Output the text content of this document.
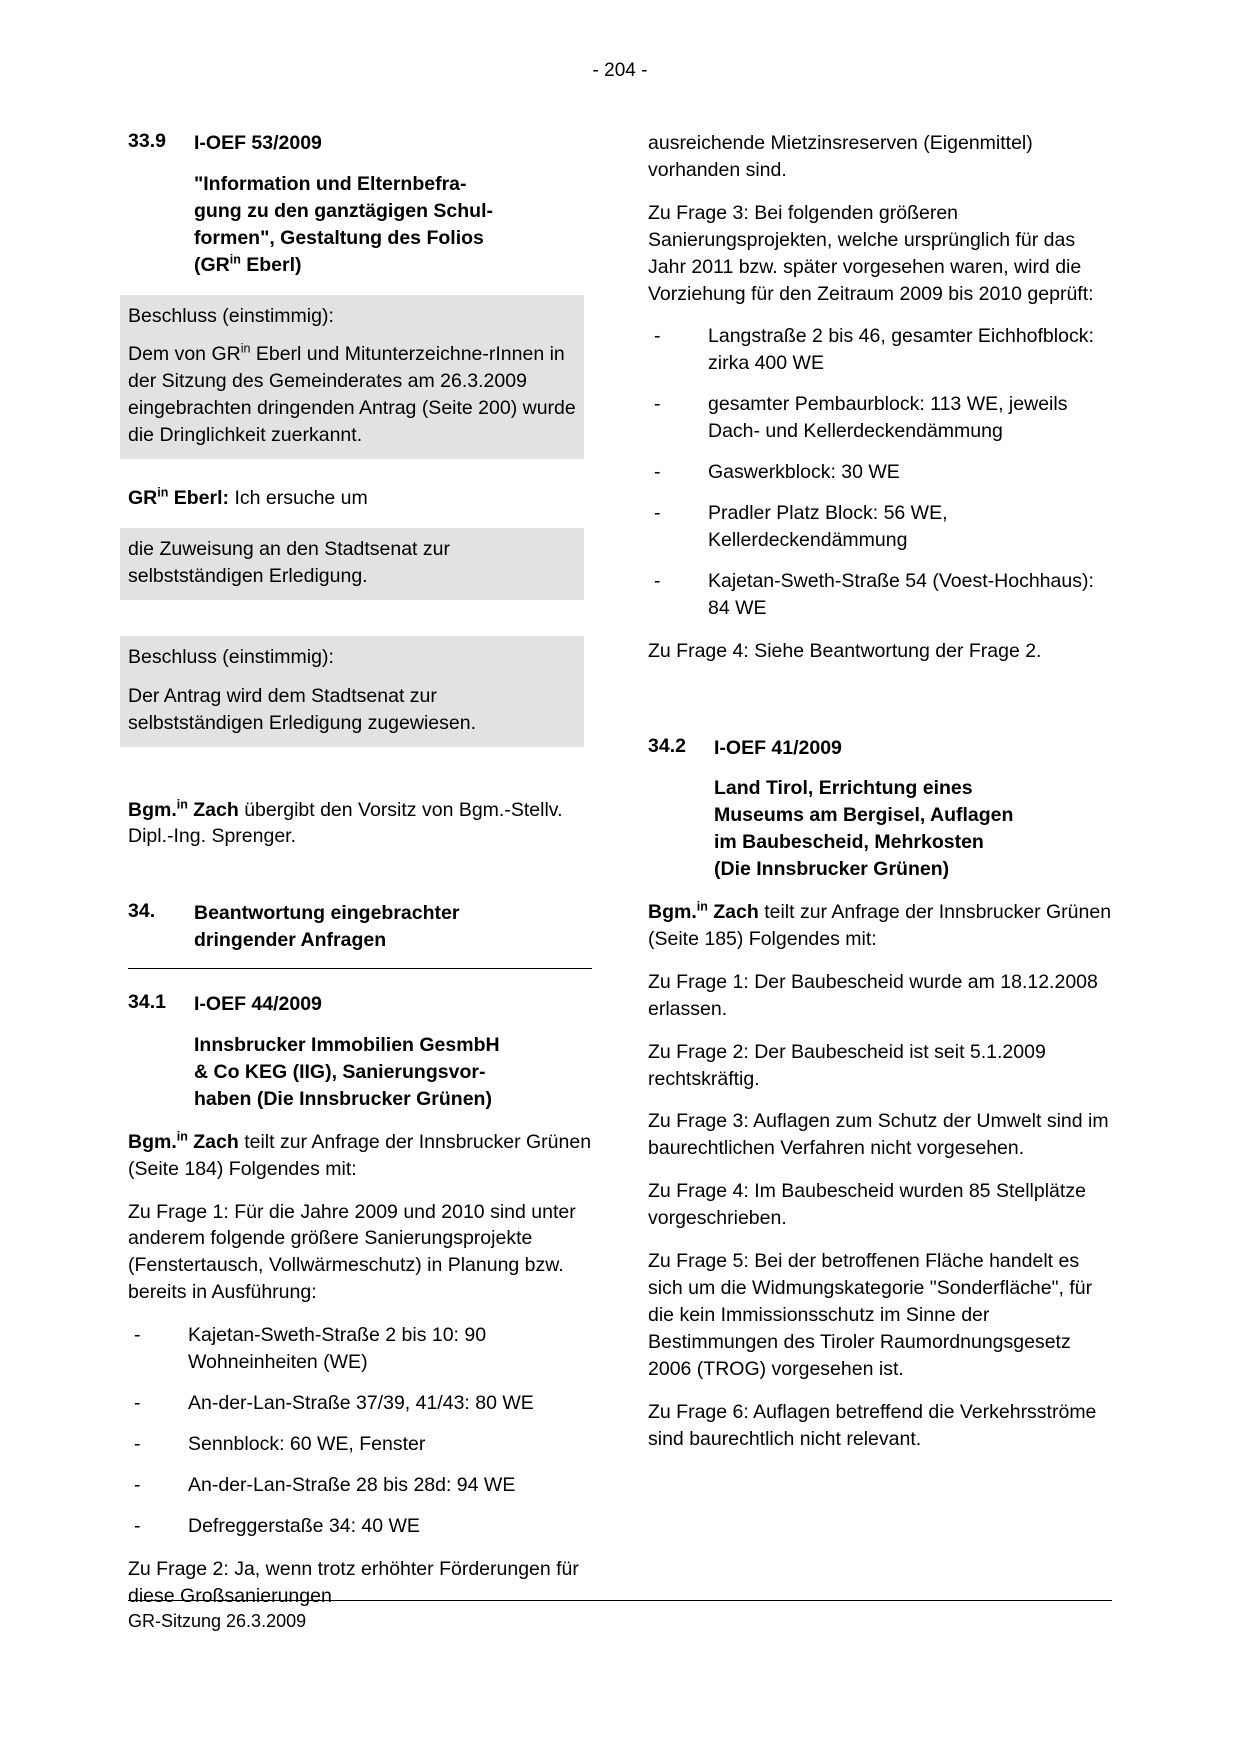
- 204 -
33.9	I-OEF 53/2009
"Information und Elternbefra-
gung zu den ganztägigen Schul-
formen", Gestaltung des Folios
($GR^{in}$ Eberl)

Beschluss (einstimmig):

Dem von $GR^{in}$ Eberl und Mitunterzeichne-rInnen in der Sitzung des Gemeinderates am 26.3.2009 eingebrachten dringenden Antrag (Seite 200) wurde die Dringlichkeit zuerkannt.

$GR^{in}$ Eberl: Ich ersuche um

die Zuweisung an den Stadtsenat zur selbstständigen Erledigung.

Beschluss (einstimmig):

Der Antrag wird dem Stadtsenat zur selbstständigen Erledigung zugewiesen.

Bgm.$^{in}$ Zach übergibt den Vorsitz von Bgm.-Stellv. Dipl.-Ing. Sprenger.

34.	Beantwortung eingebrachter
dringender Anfragen
34.1	I-OEF 44/2009
Innsbrucker Immobilien GesmbH
& Co KEG (IIG), Sanierungsvor-
haben (Die Innsbrucker Grünen)

Bgm.$^{in}$ Zach teilt zur Anfrage der Innsbrucker Grünen (Seite 184) Folgendes mit:

Zu Frage 1: Für die Jahre 2009 und 2010 sind unter anderem folgende größere Sanierungsprojekte (Fenstertausch, Vollwärmeschutz) in Planung bzw. bereits in Ausführung:

- Kajetan-Sweth-Straße 2 bis 10: 90 Wohneinheiten (WE)
- An-der-Lan-Straße 37/39, 41/43: 80 WE
- Sennblock: 60 WE, Fenster
- An-der-Lan-Straße 28 bis 28d: 94 WE
- Defreggerstaße 34: 40 WE

Zu Frage 2: Ja, wenn trotz erhöhter Förderungen für diese Großsanierungen

ausreichende Mietzinsreserven (Eigenmittel) vorhanden sind.

Zu Frage 3: Bei folgenden größeren Sanierungsprojekten, welche ursprünglich für das Jahr 2011 bzw. später vorgesehen waren, wird die Vorziehung für den Zeitraum 2009 bis 2010 geprüft:

- Langstraße 2 bis 46, gesamter Eichhofblock: zirka 400 WE
- gesamter Pembaurblock: 113 WE, jeweils Dach- und Kellerdeckendämmung
- Gaswerkblock: 30 WE
- Pradler Platz Block: 56 WE, Kellerdeckendämmung
- Kajetan-Sweth-Straße 54 (Voest-Hochhaus): 84 WE

Zu Frage 4: Siehe Beantwortung der Frage 2.

34.2	I-OEF 41/2009
Land Tirol, Errichtung eines
Museums am Bergisel, Auflagen
im Baubescheid, Mehrkosten
(Die Innsbrucker Grünen)

Bgm.$^{in}$ Zach teilt zur Anfrage der Innsbrucker Grünen (Seite 185) Folgendes mit:

Zu Frage 1: Der Baubescheid wurde am 18.12.2008 erlassen.

Zu Frage 2: Der Baubescheid ist seit 5.1.2009 rechtskräftig.

Zu Frage 3: Auflagen zum Schutz der Umwelt sind im baurechtlichen Verfahren nicht vorgesehen.

Zu Frage 4: Im Baubescheid wurden 85 Stellplätze vorgeschrieben.

Zu Frage 5: Bei der betroffenen Fläche handelt es sich um die Widmungskategorie "Sonderfläche", für die kein Immissionsschutz im Sinne der Bestimmungen des Tiroler Raumordnungsgesetz 2006 (TROG) vorgesehen ist.

Zu Frage 6: Auflagen betreffend die Verkehrsströme sind baurechtlich nicht relevant.

GR-Sitzung 26.3.2009
